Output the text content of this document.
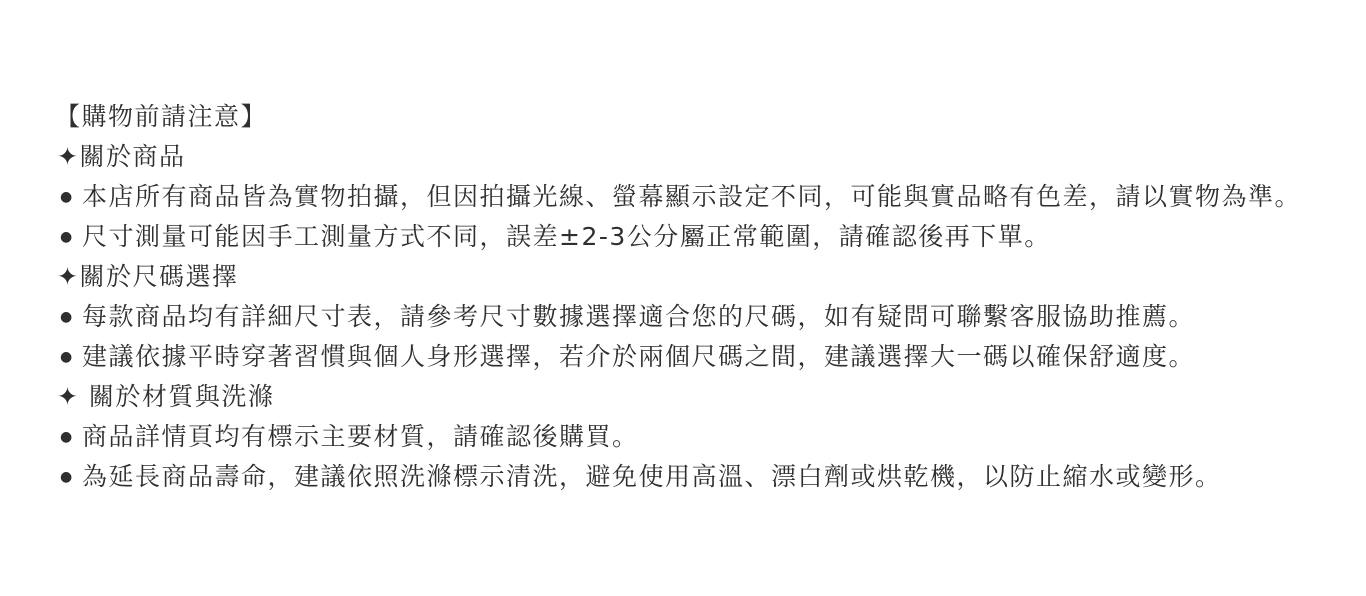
【購物前請注意】
✦關於商品
● 本店所有商品皆為實物拍攝，但因拍攝光線、螢幕顯示設定不同，可能與實品略有色差，請以實物為準。
● 尺寸測量可能因手工測量方式不同，誤差±2-3公分屬正常範圍，請確認後再下單。
✦關於尺碼選擇
● 每款商品均有詳細尺寸表，請參考尺寸數據選擇適合您的尺碼，如有疑問可聯繫客服協助推薦。
● 建議依據平時穿著習慣與個人身形選擇，若介於兩個尺碼之間，建議選擇大一碼以確保舒適度。
✦ 關於材質與洗滌
● 商品詳情頁均有標示主要材質，請確認後購買。
● 為延長商品壽命，建議依照洗滌標示清洗，避免使用高溫、漂白劑或烘乾機，以防止縮水或變形。
